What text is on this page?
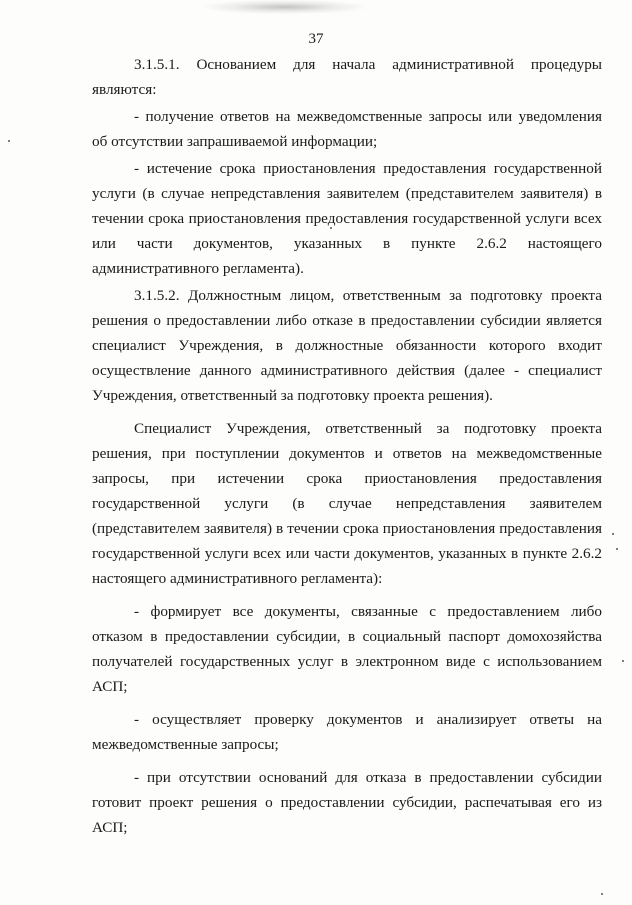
37

3.1.5.1. Основанием для начала административной процедуры являются:

- получение ответов на межведомственные запросы или уведомления об отсутствии запрашиваемой информации;

- истечение срока приостановления предоставления государственной услуги (в случае непредставления заявителем (представителем заявителя) в течении срока приостановления предоставления государственной услуги всех или части документов, указанных в пункте 2.6.2 настоящего административного регламента).

3.1.5.2. Должностным лицом, ответственным за подготовку проекта решения о предоставлении либо отказе в предоставлении субсидии является специалист Учреждения, в должностные обязанности которого входит осуществление данного административного действия (далее - специалист Учреждения, ответственный за подготовку проекта решения).

Специалист Учреждения, ответственный за подготовку проекта решения, при поступлении документов и ответов на межведомственные запросы, при истечении срока приостановления предоставления государственной услуги (в случае непредставления заявителем (представителем заявителя) в течении срока приостановления предоставления государственной услуги всех или части документов, указанных в пункте 2.6.2 настоящего административного регламента):

- формирует все документы, связанные с предоставлением либо отказом в предоставлении субсидии, в социальный паспорт домохозяйства получателей государственных услуг в электронном виде с использованием АСП;

- осуществляет проверку документов и анализирует ответы на межведомственные запросы;

- при отсутствии оснований для отказа в предоставлении субсидии готовит проект решения о предоставлении субсидии, распечатывая его из АСП;
